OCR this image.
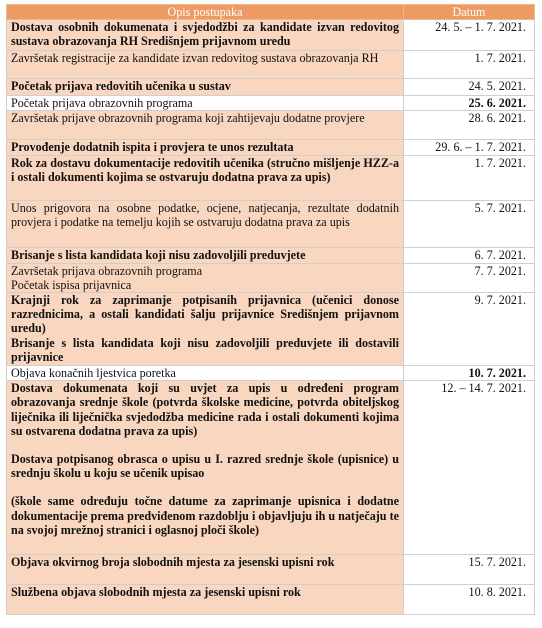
Opis postupaka	Datum

Dostava osobnih dokumenata i svjedodžbi za kandidate izvan redovitog sustava obrazovanja RH Središnjem prijavnom uredu	24. 5. – 1. 7. 2021.

Završetak registracije za kandidate izvan redovitog sustava obrazovanja RH	1. 7. 2021.

Početak prijava redovitih učenika u sustav	24. 5. 2021.

Početak prijava obrazovnih programa	25. 6. 2021.

Završetak prijave obrazovnih programa koji zahtijevaju dodatne provjere	28. 6. 2021.

Provođenje dodatnih ispita i provjera te unos rezultata	29. 6. – 1. 7. 2021.

Rok za dostavu dokumentacije redovitih učenika (stručno mišljenje HZZ-a i ostali dokumenti kojima se ostvaruju dodatna prava za upis)	1. 7. 2021.

Unos prigovora na osobne podatke, ocjene, natjecanja, rezultate dodatnih provjera i podatke na temelju kojih se ostvaruju dodatna prava za upis	5. 7. 2021.

Brisanje s lista kandidata koji nisu zadovoljili preduvjete	6. 7. 2021.

Završetak prijava obrazovnih programa
Početak ispisa prijavnica	7. 7. 2021.

Krajnji rok za zaprimanje potpisanih prijavnica (učenici donose razrednicima, a ostali kandidati šalju prijavnice Središnjem prijavnom uredu)
Brisanje s lista kandidata koji nisu zadovoljili preduvjete ili dostavili prijavnice	9. 7. 2021.

Objava konačnih ljestvica poretka	10. 7. 2021.

Dostava dokumenata koji su uvjet za upis u određeni program obrazovanja srednje škole (potvrda školske medicine, potvrda obiteljskog liječnika ili liječnička svjedodžba medicine rada i ostali dokumenti kojima su ostvarena dodatna prava za upis)
Dostava potpisanog obrasca o upisu u I. razred srednje škole (upisnice) u srednju školu u koju se učenik upisao
(škole same određuju točne datume za zaprimanje upisnica i dodatne dokumentacije prema predviđenom razdoblju i objavljuju ih u natječaju te na svojoj mrežnoj stranici i oglasnoj ploči škole)	12. – 14. 7. 2021.

Objava okvirnog broja slobodnih mjesta za jesenski upisni rok	15. 7. 2021.

Službena objava slobodnih mjesta za jesenski upisni rok	10. 8. 2021.
